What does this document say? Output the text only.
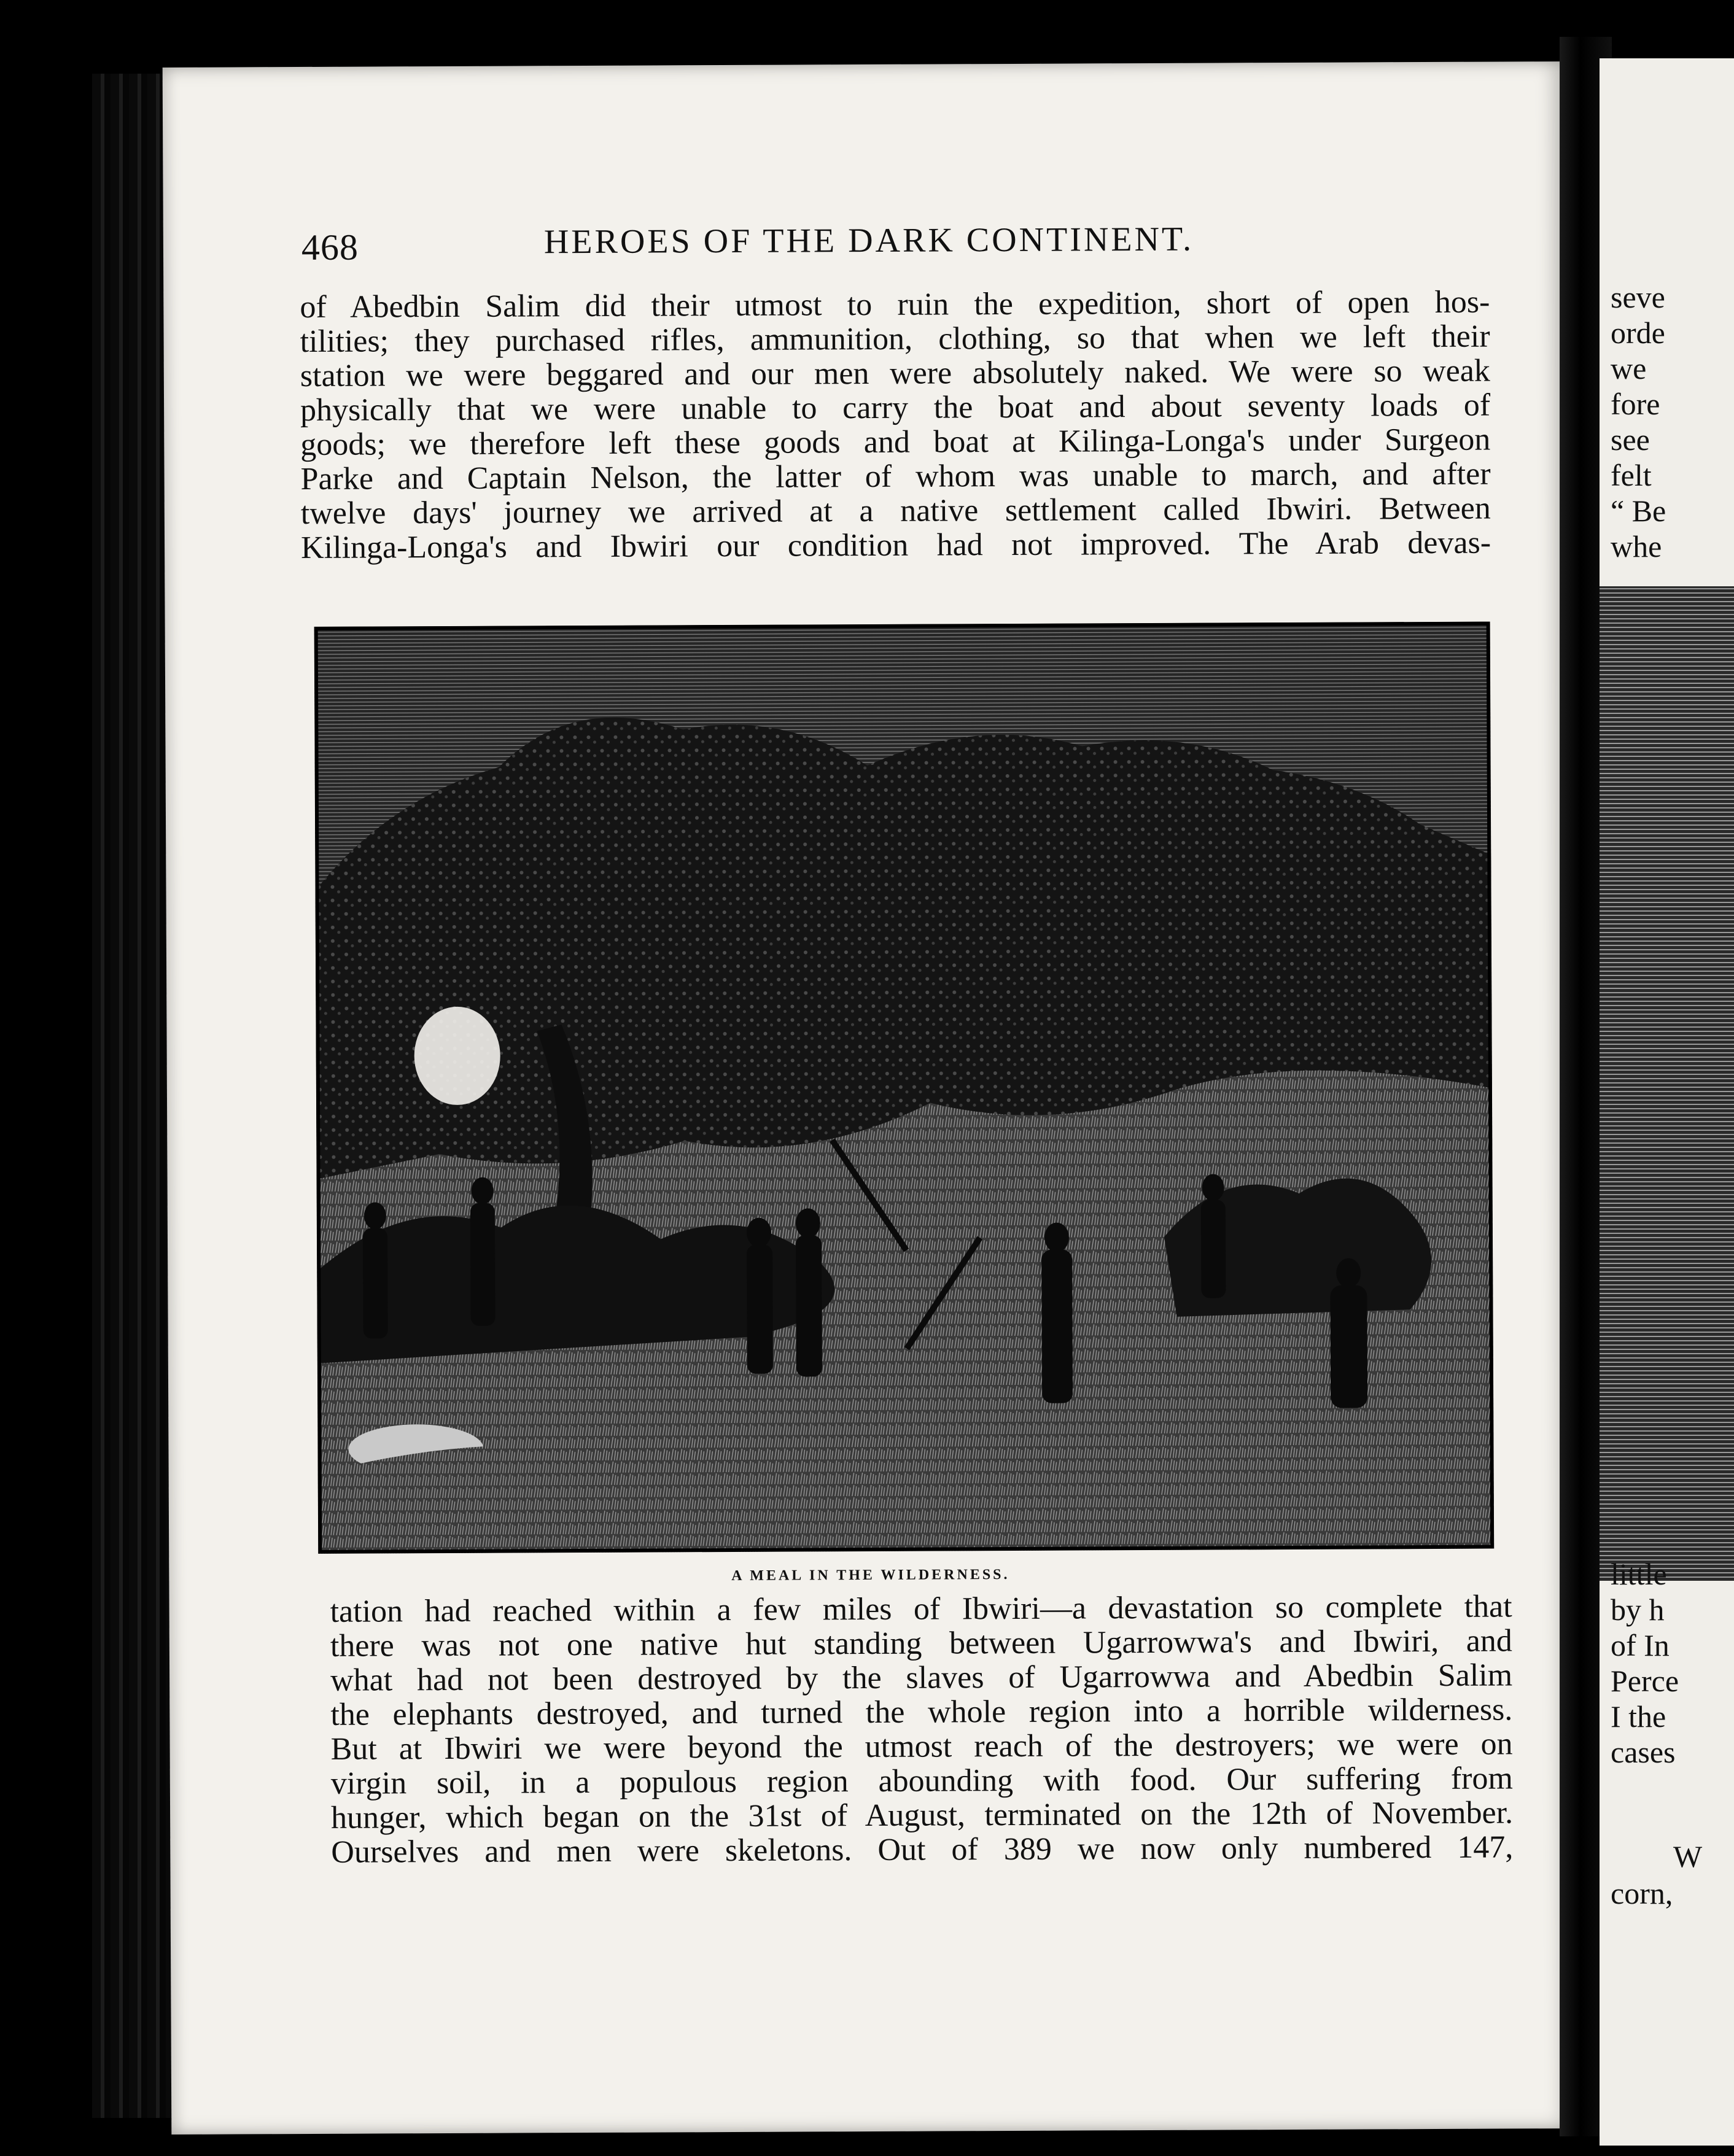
468	HEROES OF THE DARK CONTINENT.
of Abedbin Salim did their utmost to ruin the expedition, short of open hos-
tilities; they purchased rifles, ammunition, clothing, so that when we left their
station we were beggared and our men were absolutely naked. We were so weak
physically that we were unable to carry the boat and about seventy loads of
goods; we therefore left these goods and boat at Kilinga-Longa's under Surgeon
Parke and Captain Nelson, the latter of whom was unable to march, and after
twelve days' journey we arrived at a native settlement called Ibwiri. Between
Kilinga-Longa's and Ibwiri our condition had not improved. The Arab devas-
A MEAL IN THE WILDERNESS.
tation had reached within a few miles of Ibwiri—a devastation so complete that
there was not one native hut standing between Ugarrowwa's and Ibwiri, and
what had not been destroyed by the slaves of Ugarrowwa and Abedbin Salim
the elephants destroyed, and turned the whole region into a horrible wilderness.
But at Ibwiri we were beyond the utmost reach of the destroyers; we were on
virgin soil, in a populous region abounding with food. Our suffering from
hunger, which began on the 31st of August, terminated on the 12th of November.
Ourselves and men were skeletons. Out of 389 we now only numbered 147,
seve
orde
we
fore
see
felt
“ Be
whe
little
by h
of In
Perce
I the
cases
W
corn,
